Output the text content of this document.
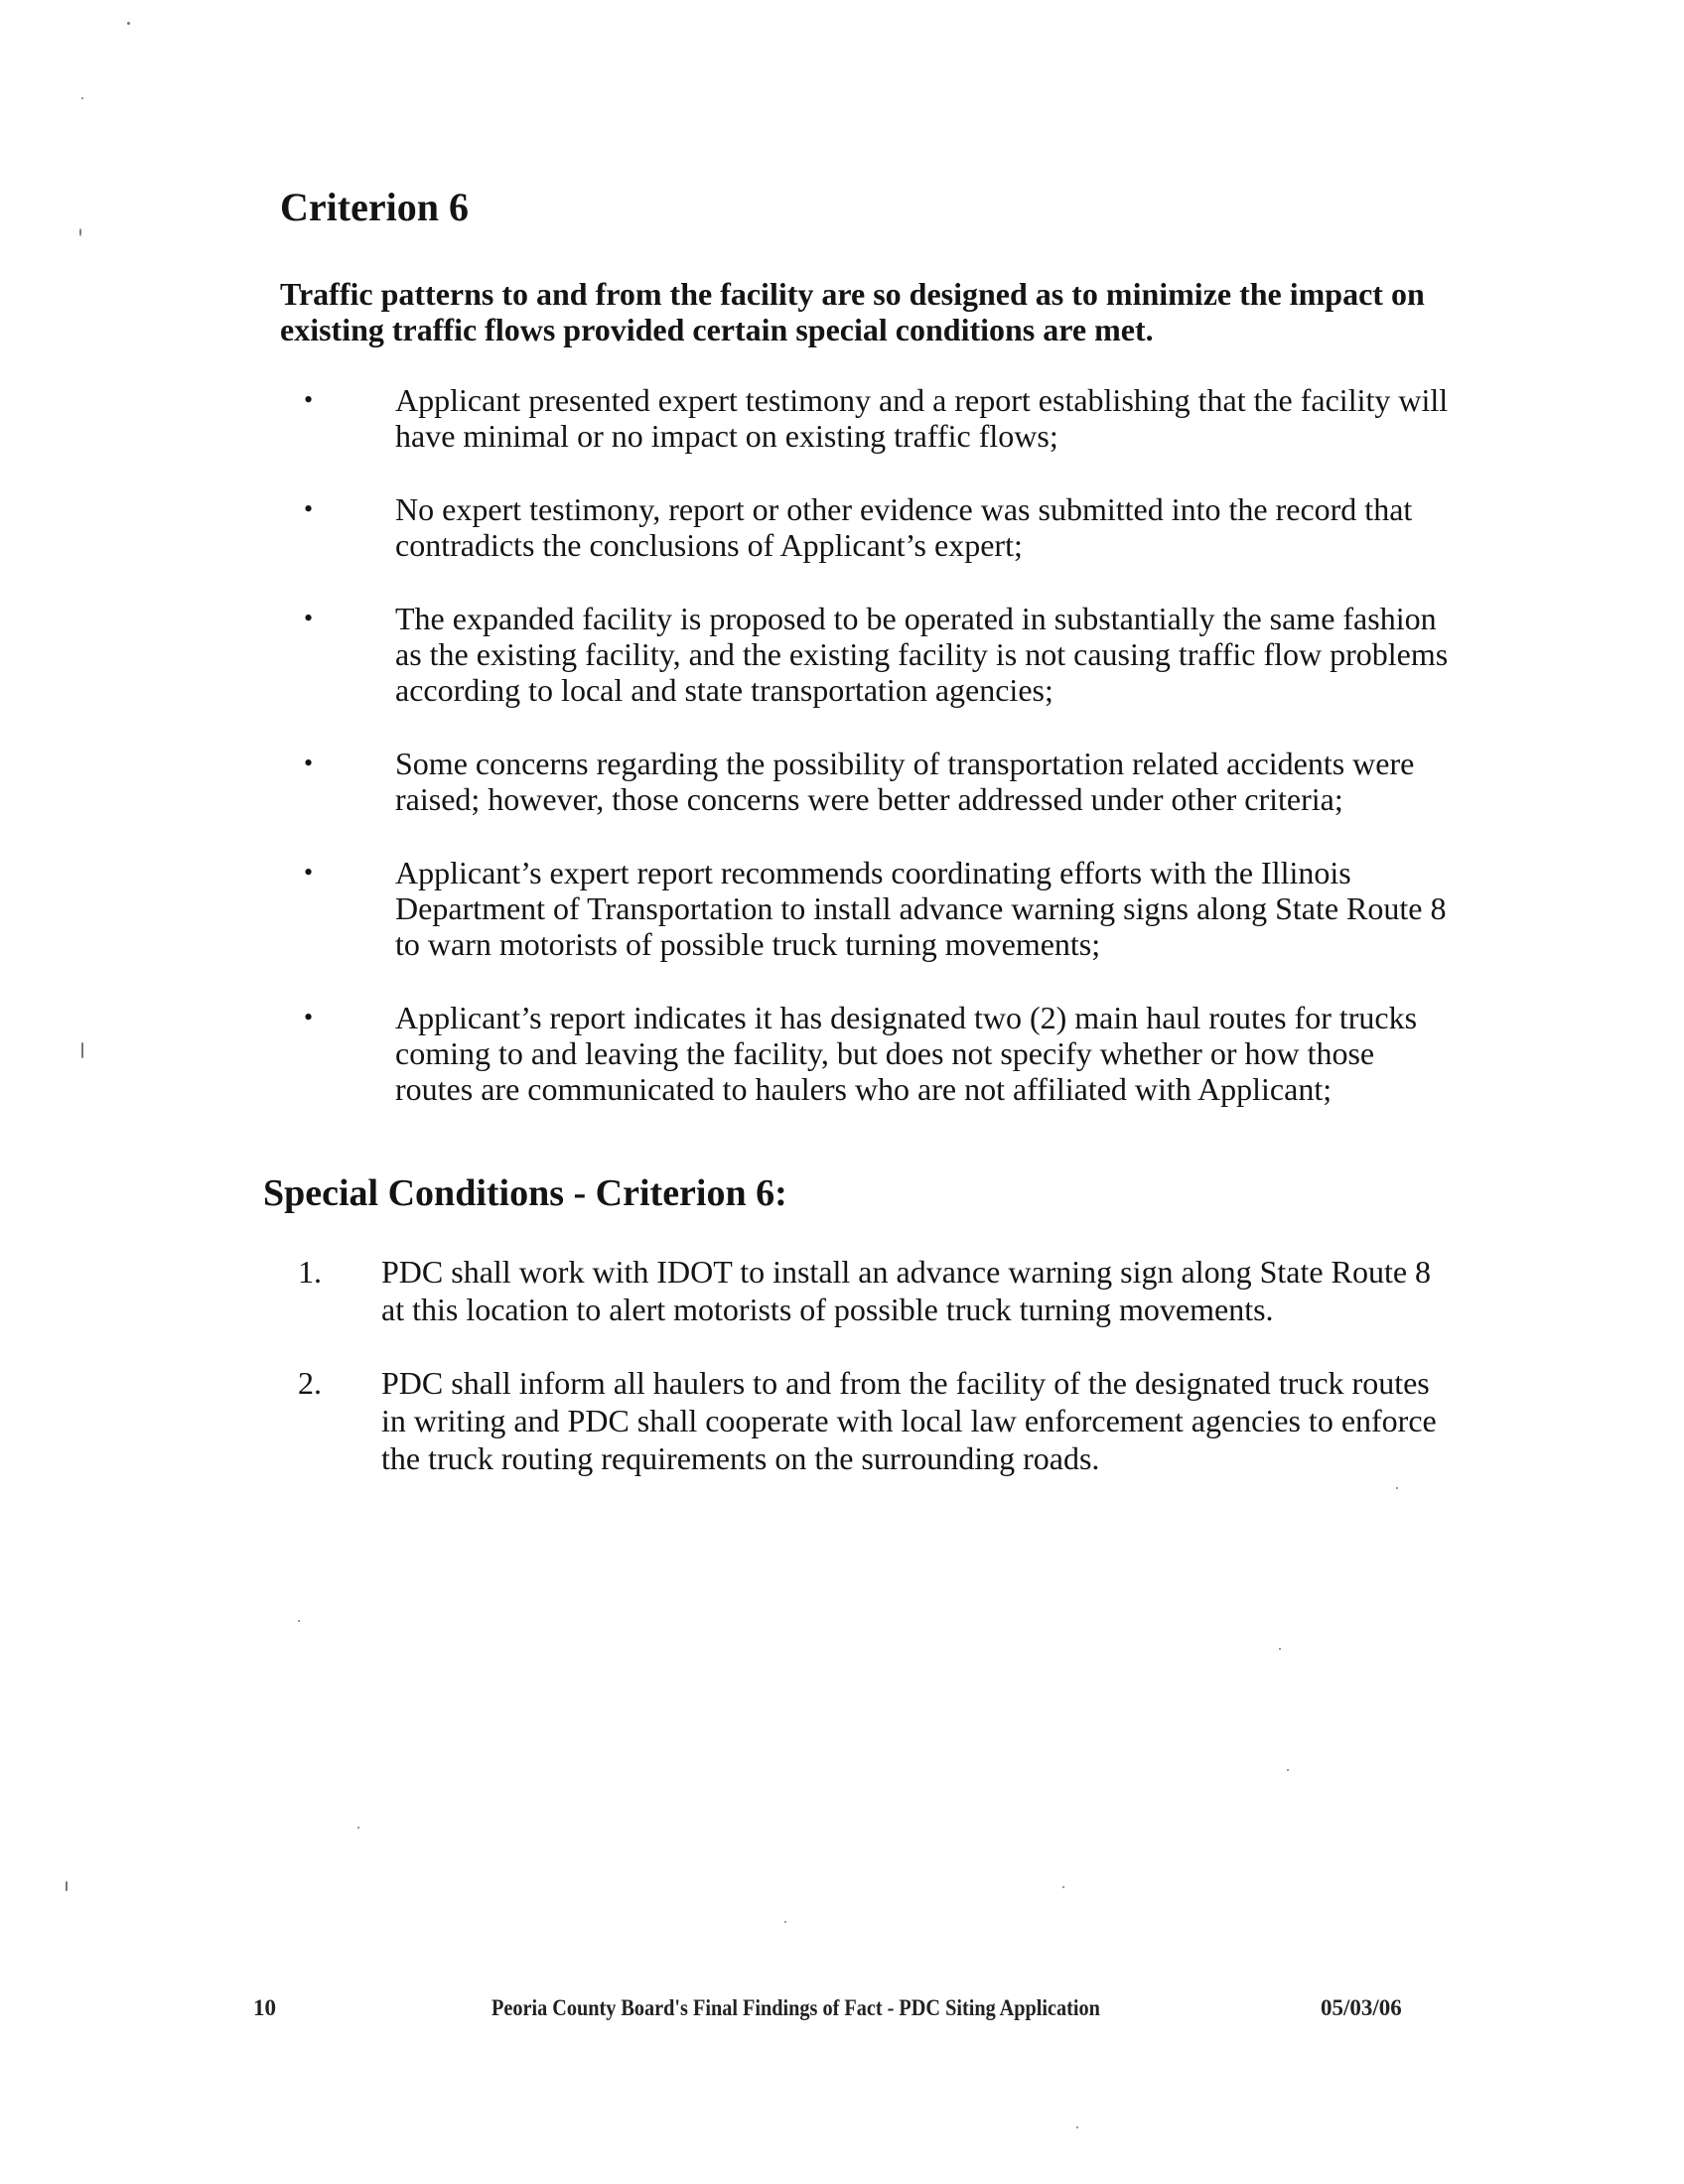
Criterion 6

Traffic patterns to and from the facility are so designed as to minimize the impact on existing traffic flows provided certain special conditions are met.

•	Applicant presented expert testimony and a report establishing that the facility will have minimal or no impact on existing traffic flows;
•	No expert testimony, report or other evidence was submitted into the record that contradicts the conclusions of Applicant’s expert;
•	The expanded facility is proposed to be operated in substantially the same fashion as the existing facility, and the existing facility is not causing traffic flow problems according to local and state transportation agencies;
•	Some concerns regarding the possibility of transportation related accidents were raised; however, those concerns were better addressed under other criteria;
•	Applicant’s expert report recommends coordinating efforts with the Illinois Department of Transportation to install advance warning signs along State Route 8 to warn motorists of possible truck turning movements;
•	Applicant’s report indicates it has designated two (2) main haul routes for trucks coming to and leaving the facility, but does not specify whether or how those routes are communicated to haulers who are not affiliated with Applicant;
Special Conditions - Criterion 6:
1. PDC shall work with IDOT to install an advance warning sign along State Route 8 at this location to alert motorists of possible truck turning movements.
2. PDC shall inform all haulers to and from the facility of the designated truck routes in writing and PDC shall cooperate with local law enforcement agencies to enforce the truck routing requirements on the surrounding roads.
10	Peoria County Board's Final Findings of Fact - PDC Siting Application	05/03/06
